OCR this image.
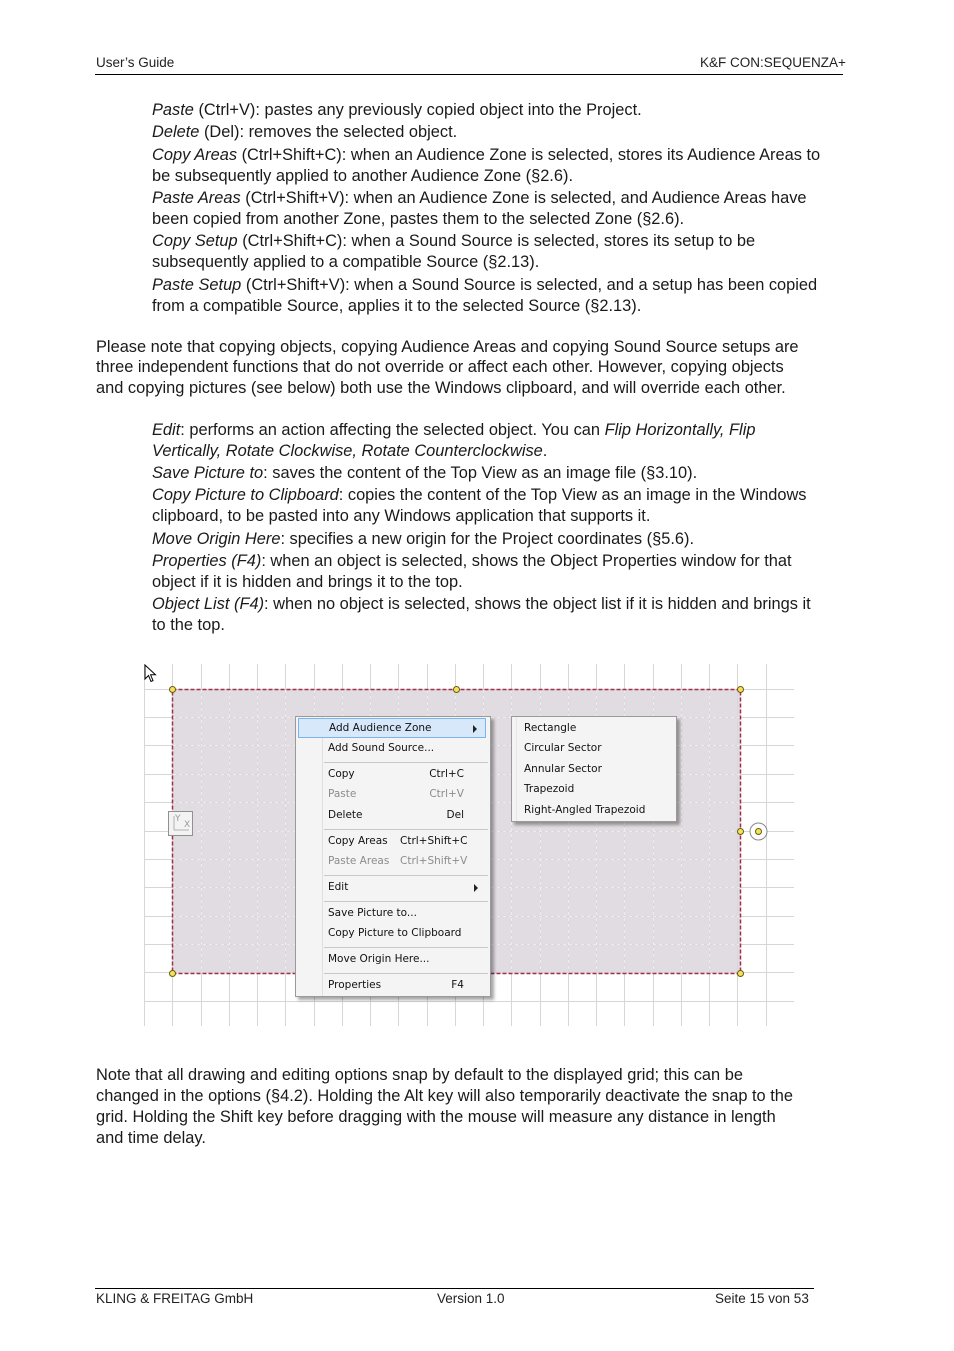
User’s Guide	K&F CON:SEQUENZA+
Paste (Ctrl+V): pastes any previously copied object into the Project.
Delete (Del): removes the selected object.
Copy Areas (Ctrl+Shift+C): when an Audience Zone is selected, stores its Audience Areas to
be subsequently applied to another Audience Zone (§2.6).
Paste Areas (Ctrl+Shift+V): when an Audience Zone is selected, and Audience Areas have
been copied from another Zone, pastes them to the selected Zone (§2.6).
Copy Setup (Ctrl+Shift+C): when a Sound Source is selected, stores its setup to be
subsequently applied to a compatible Source (§2.13).
Paste Setup (Ctrl+Shift+V): when a Sound Source is selected, and a setup has been copied
from a compatible Source, applies it to the selected Source (§2.13).
Please note that copying objects, copying Audience Areas and copying Sound Source setups are
three independent functions that do not override or affect each other. However, copying objects
and copying pictures (see below) both use the Windows clipboard, and will override each other.
Edit: performs an action affecting the selected object. You can Flip Horizontally, Flip
Vertically, Rotate Clockwise, Rotate Counterclockwise.
Save Picture to: saves the content of the Top View as an image file (§3.10).
Copy Picture to Clipboard: copies the content of the Top View as an image in the Windows
clipboard, to be pasted into any Windows application that supports it.
Move Origin Here: specifies a new origin for the Project coordinates (§5.6).
Properties (F4): when an object is selected, shows the Object Properties window for that
object if it is hidden and brings it to the top.
Object List (F4): when no object is selected, shows the object list if it is hidden and brings it
to the top.
Y
X
Add Audience Zone
Add Sound Source...
Copy	Ctrl+C
Paste	Ctrl+V
Delete	Del
Copy Areas Ctrl+Shift+C
Paste Areas Ctrl+Shift+V
Edit
Save Picture to...
Copy Picture to Clipboard
Move Origin Here...
Properties	F4
Rectangle
Circular Sector
Annular Sector
Trapezoid
Right-Angled Trapezoid
Note that all drawing and editing options snap by default to the displayed grid; this can be
changed in the options (§4.2). Holding the Alt key will also temporarily deactivate the snap to the
grid. Holding the Shift key before dragging with the mouse will measure any distance in length
and time delay.
KLING & FREITAG GmbH	Version 1.0	Seite 15 von 53
